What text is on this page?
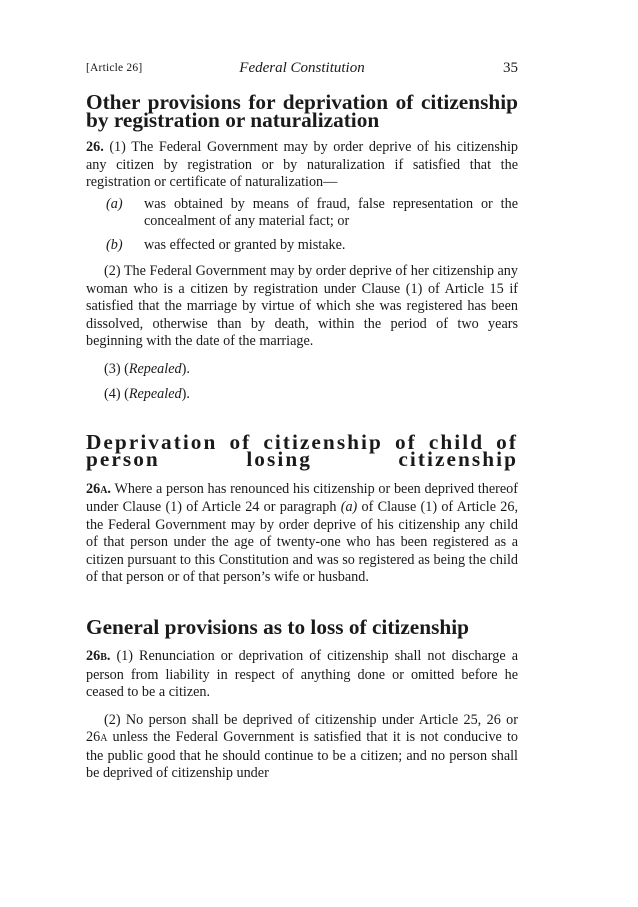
[Article 26]	Federal Constitution	35
Other provisions for deprivation of citizenship by registration or naturalization

26. (1) The Federal Government may by order deprive of his citizenship any citizen by registration or by naturalization if satisfied that the registration or certificate of naturalization—

(a)	was obtained by means of fraud, false representation or the concealment of any material fact; or
(b)	was effected or granted by mistake.

(2) The Federal Government may by order deprive of her citizenship any woman who is a citizen by registration under Clause (1) of Article 15 if satisfied that the marriage by virtue of which she was registered has been dissolved, otherwise than by death, within the period of two years beginning with the date of the marriage.

(3) (Repealed).

(4) (Repealed).

Deprivation of citizenship of child of person losing citizenship

26A. Where a person has renounced his citizenship or been deprived thereof under Clause (1) of Article 24 or paragraph (a) of Clause (1) of Article 26, the Federal Government may by order deprive of his citizenship any child of that person under the age of twenty-one who has been registered as a citizen pursuant to this Constitution and was so registered as being the child of that person or of that person’s wife or husband.

General provisions as to loss of citizenship

26B. (1) Renunciation or deprivation of citizenship shall not discharge a person from liability in respect of anything done or omitted before he ceased to be a citizen.

(2) No person shall be deprived of citizenship under Article 25, 26 or 26A unless the Federal Government is satisfied that it is not conducive to the public good that he should continue to be a citizen; and no person shall be deprived of citizenship under
